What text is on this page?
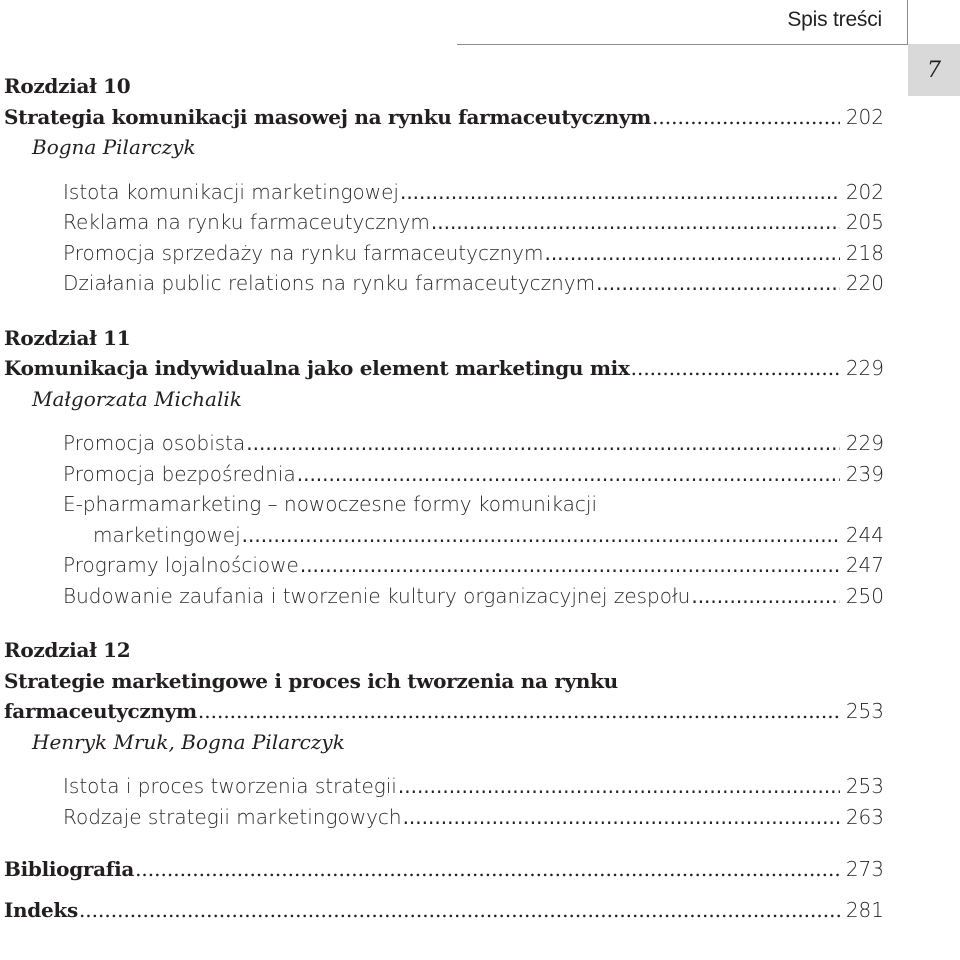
Spis treści
7
Rozdział 10
Strategia komunikacji masowej na rynku farmaceutycznym .....	202
Bogna Pilarczyk
Istota komunikacji marketingowej .....	202
Reklama na rynku farmaceutycznym .....	205
Promocja sprzedaży na rynku farmaceutycznym .....	218
Działania public relations na rynku farmaceutycznym .....	220
Rozdział 11
Komunikacja indywidualna jako element marketingu mix .....	229
Małgorzata Michalik
Promocja osobista .....	229
Promocja bezpośrednia .....	239
E-pharmamarketing – nowoczesne formy komunikacji
marketingowej .....	244
Programy lojalnościowe .....	247
Budowanie zaufania i tworzenie kultury organizacyjnej zespołu .....	250
Rozdział 12
Strategie marketingowe i proces ich tworzenia na rynku
farmaceutycznym .....	253
Henryk Mruk, Bogna Pilarczyk
Istota i proces tworzenia strategii .....	253
Rodzaje strategii marketingowych .....	263
Bibliografia .....	273
Indeks .....	281
